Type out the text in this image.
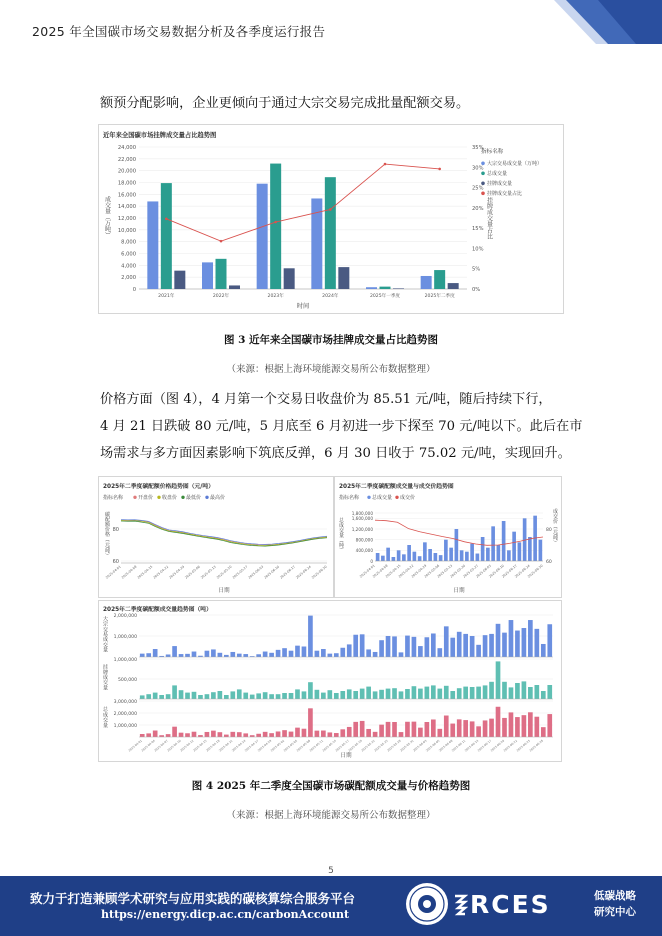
2025 年全国碳市场交易数据分析及各季度运行报告
额预分配影响，企业更倾向于通过大宗交易完成批量配额交易。
近年来全国碳市场挂牌成交量占比趋势图
0
2,000
4,000
6,000
8,000
10,000
12,000
14,000
16,000
18,000
20,000
22,000
24,000
0%
5%
10%
15%
20%
25%
30%
35%
成交量（万吨）	挂牌成交量占比
2021年	2022年	2023年	2024年	2025年一季度	2025年二季度
时间
指标名称
大宗交易成交量（万吨）
总成交量
挂牌成交量
挂牌成交量占比
图 3 近年来全国碳市场挂牌成交量占比趋势图
（来源：根据上海环境能源交易所公布数据整理）
价格方面（图 4），4 月第一个交易日收盘价为 85.51 元/吨，随后持续下行，
4 月 21 日跌破 80 元/吨，5 月底至 6 月初进一步下探至 70 元/吨以下。此后在市
场需求与多方面因素影响下筑底反弹，6 月 30 日收于 75.02 元/吨，实现回升。
2025年二季度碳配额价格趋势图（元/吨）
指标名称	开盘价 收盘价 最低价 最高价
60
80
碳配额价格（元/吨）
2025-04-01 2025-04-08 2025-04-15 2025-04-22 2025-04-29 2025-05-06 2025-05-13 2025-05-20 2025-05-27 2025-06-03 2025-06-10 2025-06-17 2025-06-24 2025-06-30
日期
2025年二季度碳配额成交量与成交价趋势图
指标名称	总成交量 成交价
0
400,000
800,000
1,200,000
1,600,000
1,800,000
总成交量（吨）	成交价（元/吨）
60
80
2025-04-01
2025-04-08
2025-04-15
2025-04-22
2025-04-29
2025-05-06
2025-05-13
2025-05-20
2025-05-27
2025-06-03
2025-06-10
2025-06-17
2025-06-24
2025-06-30
日期
2025年二季度碳配额成交量趋势图（吨）
1,000,000
2,000,000
大宗交易成交量
500,000
1,000,000
挂牌成交量
1,000,000
2,000,000
3,000,000
总成交量
2025-04-01
2025-04-04
2025-04-07
2025-04-10
2025-04-12
2025-04-15
2025-04-18
2025-04-21
2025-04-24
2025-04-27
2025-04-29
2025-05-02
2025-05-05
2025-05-08
2025-05-11
2025-05-14
2025-05-17
2025-05-19
2025-05-22
2025-05-25
2025-05-28
2025-05-31
2025-06-03
2025-06-05
2025-06-08
2025-06-11
2025-06-14
2025-06-17
2025-06-20
2025-06-22
2025-06-25
2025-06-28
日期
图 4 2025 年二季度全国碳市场碳配额成交量与价格趋势图
（来源：根据上海环境能源交易所公布数据整理）
5
致力于打造兼顾学术研究与应用实践的碳核算综合服务平台
https://energy.dicp.ac.cn/carbonAccount	RCES	低碳战略
研究中心
